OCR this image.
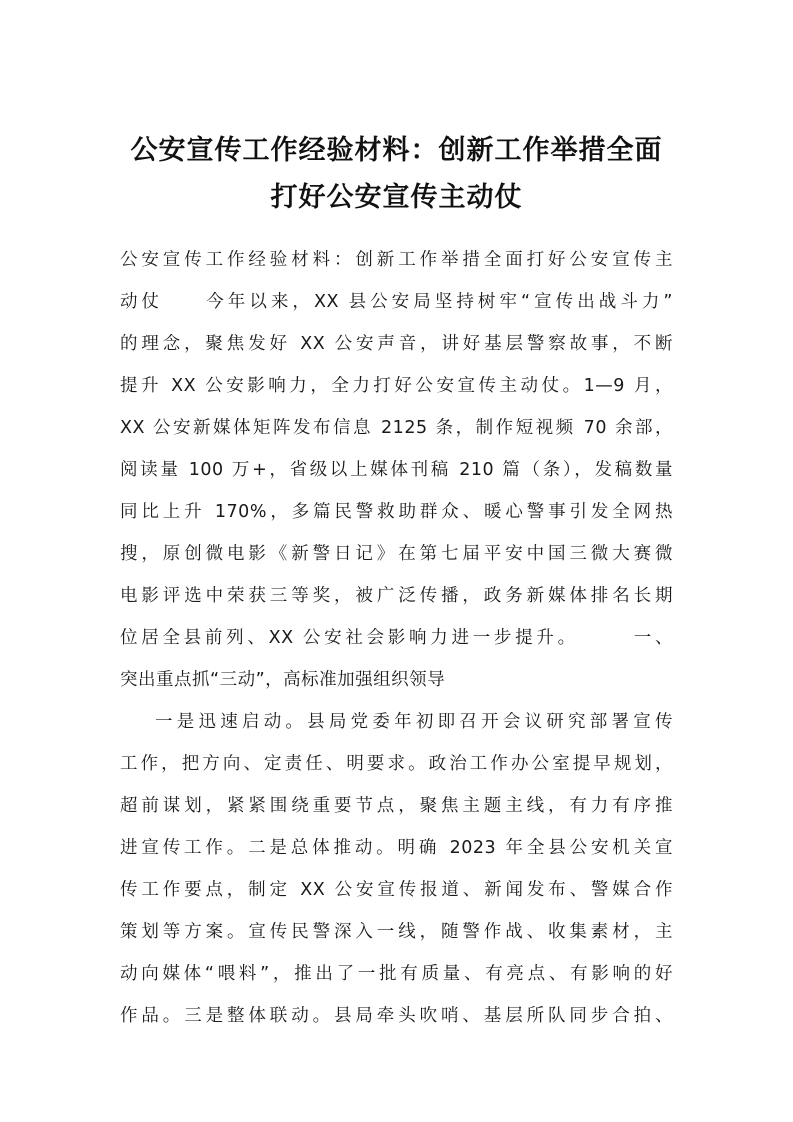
公安宣传工作经验材料：创新工作举措全面
打好公安宣传主动仗
公安宣传工作经验材料：创新工作举措全面打好公安宣传主
动仗　　今年以来，XX 县公安局坚持树牢“宣传出战斗力”
的理念，聚焦发好 XX 公安声音，讲好基层警察故事，不断
提升 XX 公安影响力，全力打好公安宣传主动仗。1—9 月，
XX 公安新媒体矩阵发布信息 2125 条，制作短视频 70 余部，
阅读量 100 万+，省级以上媒体刊稿 210 篇（条），发稿数量
同比上升 170%，多篇民警救助群众、暖心警事引发全网热
搜，原创微电影《新警日记》在第七届平安中国三微大赛微
电影评选中荣获三等奖，被广泛传播，政务新媒体排名长期
位居全县前列、XX 公安社会影响力进一步提升。　　　一、
突出重点抓“三动”，高标准加强组织领导
一是迅速启动。县局党委年初即召开会议研究部署宣传
工作，把方向、定责任、明要求。政治工作办公室提早规划，
超前谋划，紧紧围绕重要节点，聚焦主题主线，有力有序推
进宣传工作。二是总体推动。明确 2023 年全县公安机关宣
传工作要点，制定 XX 公安宣传报道、新闻发布、警媒合作
策划等方案。宣传民警深入一线，随警作战、收集素材，主
动向媒体“喂料”，推出了一批有质量、有亮点、有影响的好
作品。三是整体联动。县局牵头吹哨、基层所队同步合拍、
